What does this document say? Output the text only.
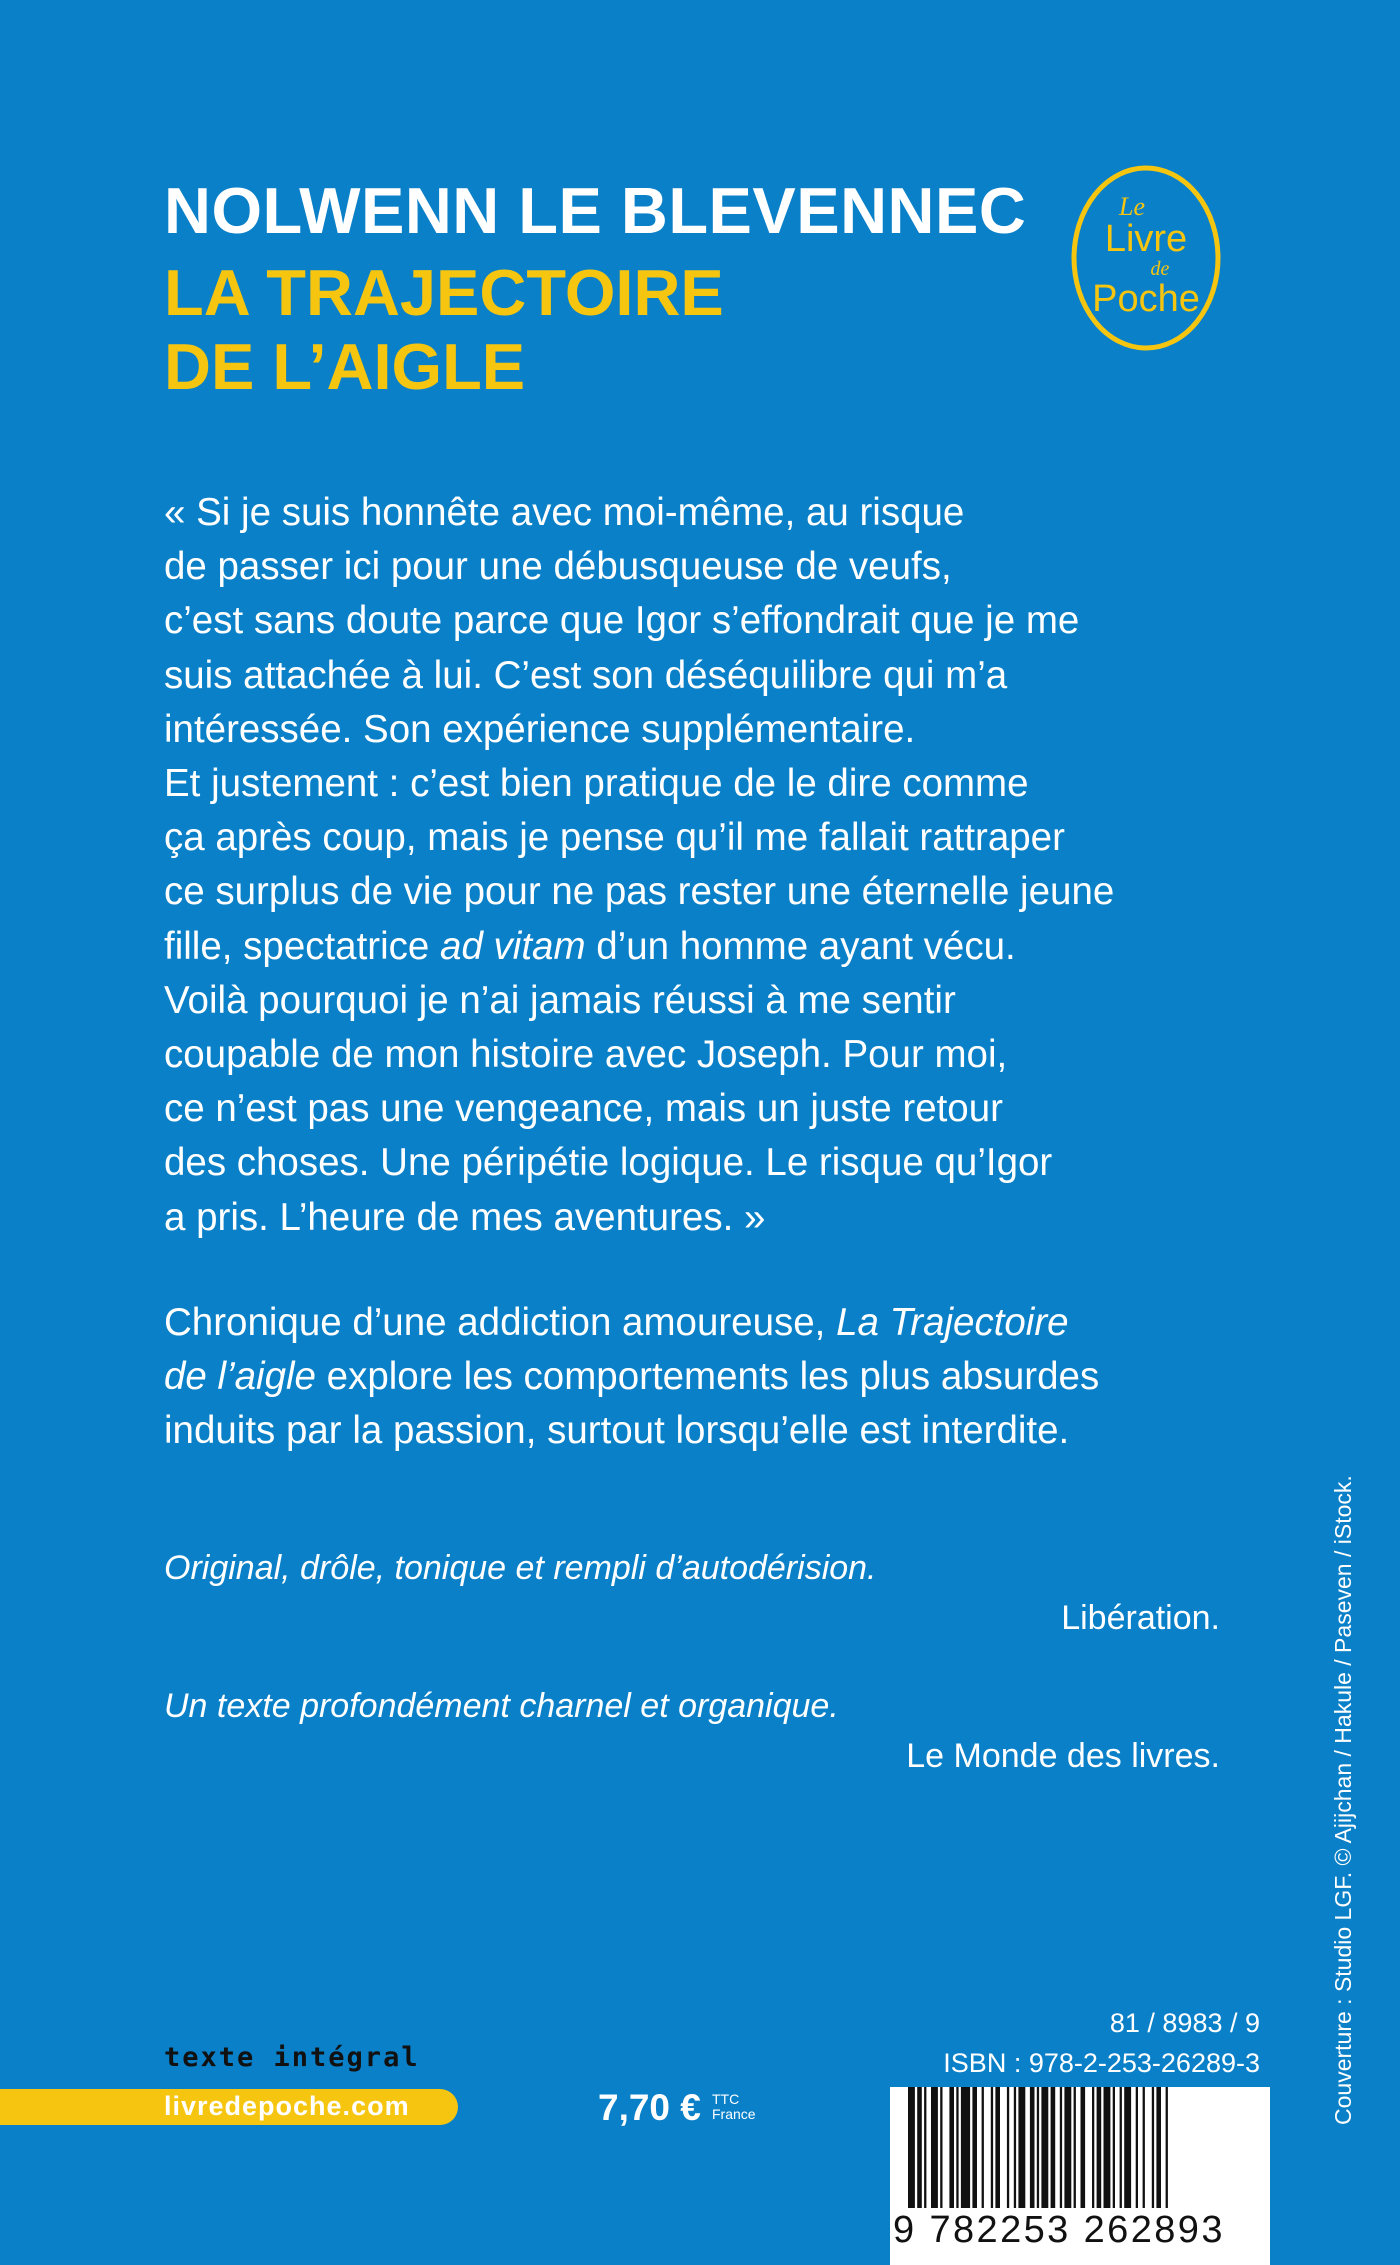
NOLWENN LE BLEVENNEC
LA TRAJECTOIRE
DE L’AIGLE
Le
Livre
de
Poche

« Si je suis honnête avec moi-même, au risque
de passer ici pour une débusqueuse de veufs,
c’est sans doute parce que Igor s’effondrait que je me
suis attachée à lui. C’est son déséquilibre qui m’a
intéressée. Son expérience supplémentaire.
Et justement : c’est bien pratique de le dire comme
ça après coup, mais je pense qu’il me fallait rattraper
ce surplus de vie pour ne pas rester une éternelle jeune
fille, spectatrice ad vitam d’un homme ayant vécu.
Voilà pourquoi je n’ai jamais réussi à me sentir
coupable de mon histoire avec Joseph. Pour moi,
ce n’est pas une vengeance, mais un juste retour
des choses. Une péripétie logique. Le risque qu’Igor
a pris. L’heure de mes aventures. »

Chronique d’une addiction amoureuse, La Trajectoire
de l’aigle explore les comportements les plus absurdes
induits par la passion, surtout lorsqu’elle est interdite.

Original, drôle, tonique et rempli d’autodérision.
Libération.
Un texte profondément charnel et organique.
Le Monde des livres.	Couverture : Studio LGF. © Ajijchan / Hakule / Paseven / iStock.
81 / 8983 / 9
ISBN : 978-2-253-26289-3
texte intégral
livredepoche.com	7,70 € TTC
France
9 782253 262893
